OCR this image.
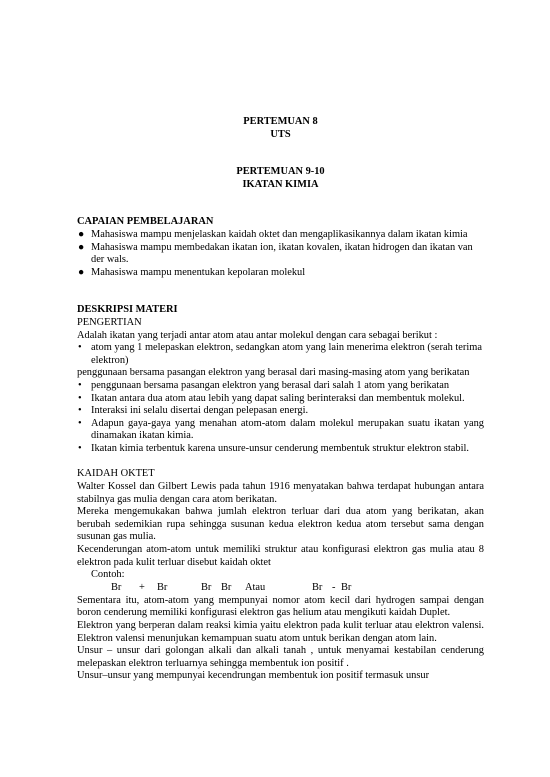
PERTEMUAN 8
UTS
PERTEMUAN 9-10
IKATAN KIMIA
CAPAIAN PEMBELAJARAN
● Mahasiswa mampu menjelaskan kaidah oktet dan mengaplikasikannya dalam ikatan kimia
● Mahasiswa mampu membedakan ikatan ion, ikatan kovalen, ikatan hidrogen dan ikatan van der wals.
● Mahasiswa mampu menentukan kepolaran molekul
DESKRIPSI MATERI
PENGERTIAN

Adalah ikatan yang terjadi antar atom atau antar molekul dengan cara sebagai berikut :

• atom yang 1 melepaskan elektron, sedangkan atom yang lain menerima elektron (serah terima elektron)

penggunaan bersama pasangan elektron yang berasal dari masing-masing atom yang berikatan

• penggunaan bersama pasangan elektron yang berasal dari salah 1 atom yang berikatan
• Ikatan antara dua atom atau lebih yang dapat saling berinteraksi dan membentuk molekul.
• Interaksi ini selalu disertai dengan pelepasan energi.
• Adapun gaya-gaya yang menahan atom-atom dalam molekul merupakan suatu ikatan yang dinamakan ikatan kimia.
• Ikatan kimia terbentuk karena unsure-unsur cenderung membentuk struktur elektron stabil.
KAIDAH OKTET

Walter Kossel dan Gilbert Lewis pada tahun 1916 menyatakan bahwa terdapat hubungan antara stabilnya gas mulia dengan cara atom berikatan.

Mereka mengemukakan bahwa jumlah elektron terluar dari dua atom yang berikatan, akan berubah sedemikian rupa sehingga susunan kedua elektron kedua atom tersebut sama dengan susunan gas mulia.

Kecenderungan atom-atom untuk memiliki struktur atau konfigurasi elektron gas mulia atau 8 elektron pada kulit terluar disebut kaidah oktet

Contoh:
Br + Br	Br Br Atau	Br - Br

Sementara itu, atom-atom yang mempunyai nomor atom kecil dari hydrogen sampai dengan boron cenderung memiliki konfigurasi elektron gas helium atau mengikuti kaidah Duplet.

Elektron yang berperan dalam reaksi kimia yaitu elektron pada kulit terluar atau elektron valensi. Elektron valensi menunjukan kemampuan suatu atom untuk berikan dengan atom lain.

Unsur – unsur dari golongan alkali dan alkali tanah , untuk menyamai kestabilan cenderung melepaskan elektron terluarnya sehingga membentuk ion positif .

Unsur–unsur yang mempunyai kecendrungan membentuk ion positif termasuk unsur
